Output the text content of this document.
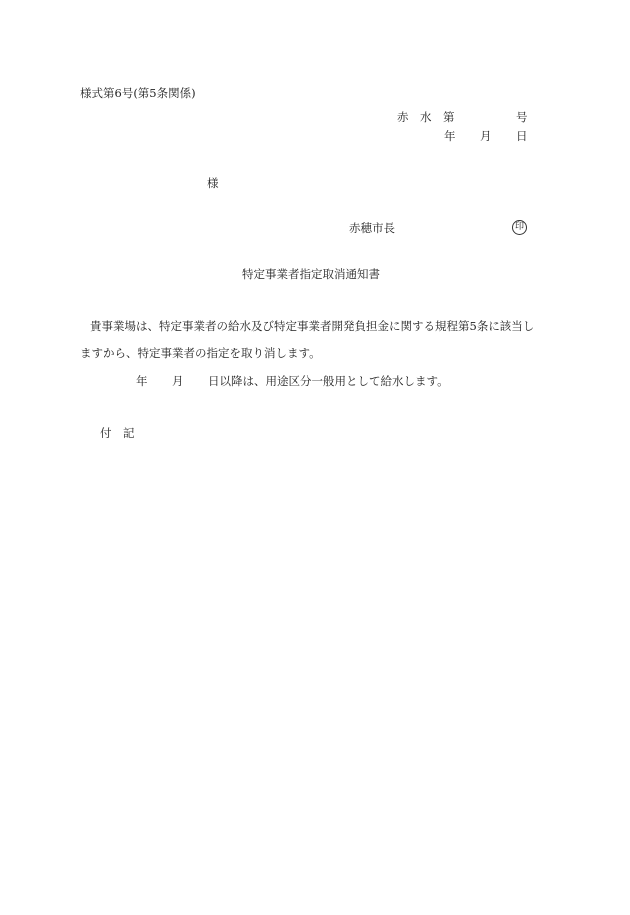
様式第6号(第5条関係)
赤　水　第	号
年 月 日
様
赤穂市長	印
特定事業者指定取消通知書
貴事業場は、特定事業者の給水及び特定事業者開発負担金に関する規程第5条に該当し
ますから、特定事業者の指定を取り消します。
年 月 日以降は、用途区分一般用として給水します。
付　記
